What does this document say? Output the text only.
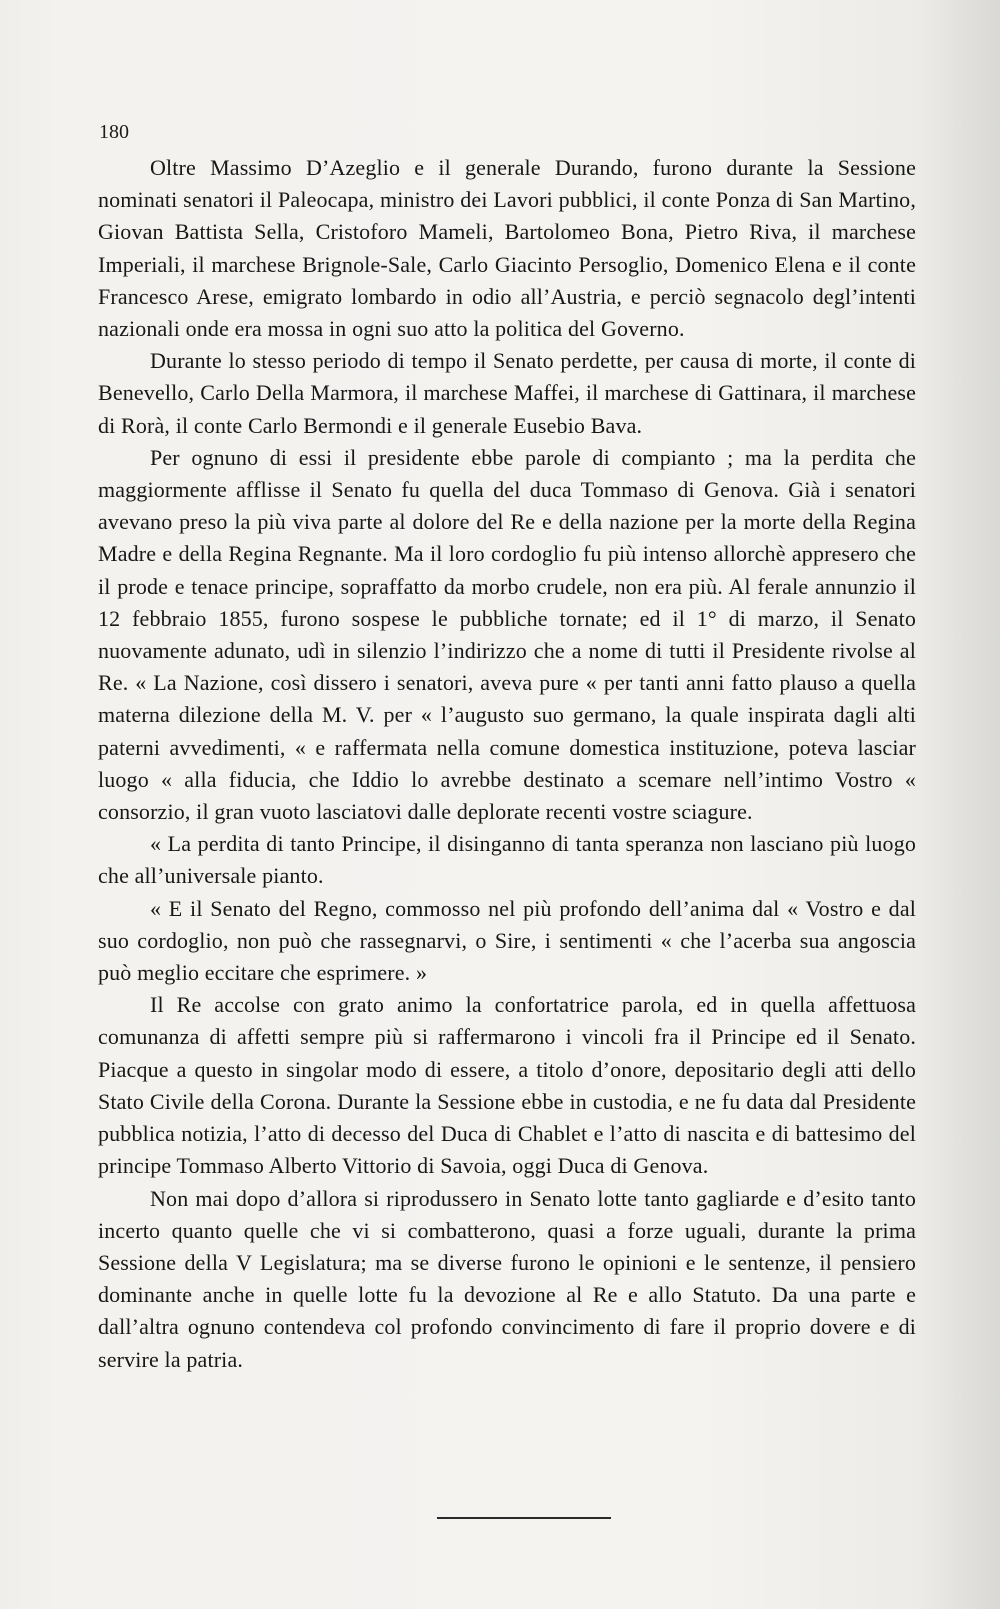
180

Oltre Massimo D’Azeglio e il generale Durando, furono durante la Sessione nominati senatori il Paleocapa, ministro dei Lavori pubblici, il conte Ponza di San Martino, Giovan Battista Sella, Cristoforo Mameli, Bartolomeo Bona, Pietro Riva, il marchese Imperiali, il marchese Brignole-Sale, Carlo Giacinto Persoglio, Domenico Elena e il conte Francesco Arese, emigrato lombardo in odio all’Austria, e perciò segnacolo degl’intenti nazionali onde era mossa in ogni suo atto la politica del Governo.

Durante lo stesso periodo di tempo il Senato perdette, per causa di morte, il conte di Benevello, Carlo Della Marmora, il marchese Maffei, il marchese di Gattinara, il marchese di Rorà, il conte Carlo Bermondi e il generale Eusebio Bava.

Per ognuno di essi il presidente ebbe parole di compianto ; ma la perdita che maggiormente afflisse il Senato fu quella del duca Tommaso di Genova. Già i senatori avevano preso la più viva parte al dolore del Re e della nazione per la morte della Regina Madre e della Regina Regnante. Ma il loro cordoglio fu più intenso allorchè appresero che il prode e tenace principe, sopraffatto da morbo crudele, non era più. Al ferale annunzio il 12 febbraio 1855, furono sospese le pubbliche tornate; ed il 1° di marzo, il Senato nuovamente adunato, udì in silenzio l’indirizzo che a nome di tutti il Presidente rivolse al Re. « La Nazione, così dissero i senatori, aveva pure « per tanti anni fatto plauso a quella materna dilezione della M. V. per « l’augusto suo germano, la quale inspirata dagli alti paterni avvedimenti, « e raffermata nella comune domestica instituzione, poteva lasciar luogo « alla fiducia, che Iddio lo avrebbe destinato a scemare nell’intimo Vostro « consorzio, il gran vuoto lasciatovi dalle deplorate recenti vostre sciagure.

« La perdita di tanto Principe, il disinganno di tanta speranza non lasciano più luogo che all’universale pianto.

« E il Senato del Regno, commosso nel più profondo dell’anima dal « Vostro e dal suo cordoglio, non può che rassegnarvi, o Sire, i sentimenti « che l’acerba sua angoscia può meglio eccitare che esprimere. »

Il Re accolse con grato animo la confortatrice parola, ed in quella affettuosa comunanza di affetti sempre più si raffermarono i vincoli fra il Principe ed il Senato. Piacque a questo in singolar modo di essere, a titolo d’onore, depositario degli atti dello Stato Civile della Corona. Durante la Sessione ebbe in custodia, e ne fu data dal Presidente pubblica notizia, l’atto di decesso del Duca di Chablet e l’atto di nascita e di battesimo del principe Tommaso Alberto Vittorio di Savoia, oggi Duca di Genova.

Non mai dopo d’allora si riprodussero in Senato lotte tanto gagliarde e d’esito tanto incerto quanto quelle che vi si combatterono, quasi a forze uguali, durante la prima Sessione della V Legislatura; ma se diverse furono le opinioni e le sentenze, il pensiero dominante anche in quelle lotte fu la devozione al Re e allo Statuto. Da una parte e dall’altra ognuno contendeva col profondo convincimento di fare il proprio dovere e di servire la patria.
